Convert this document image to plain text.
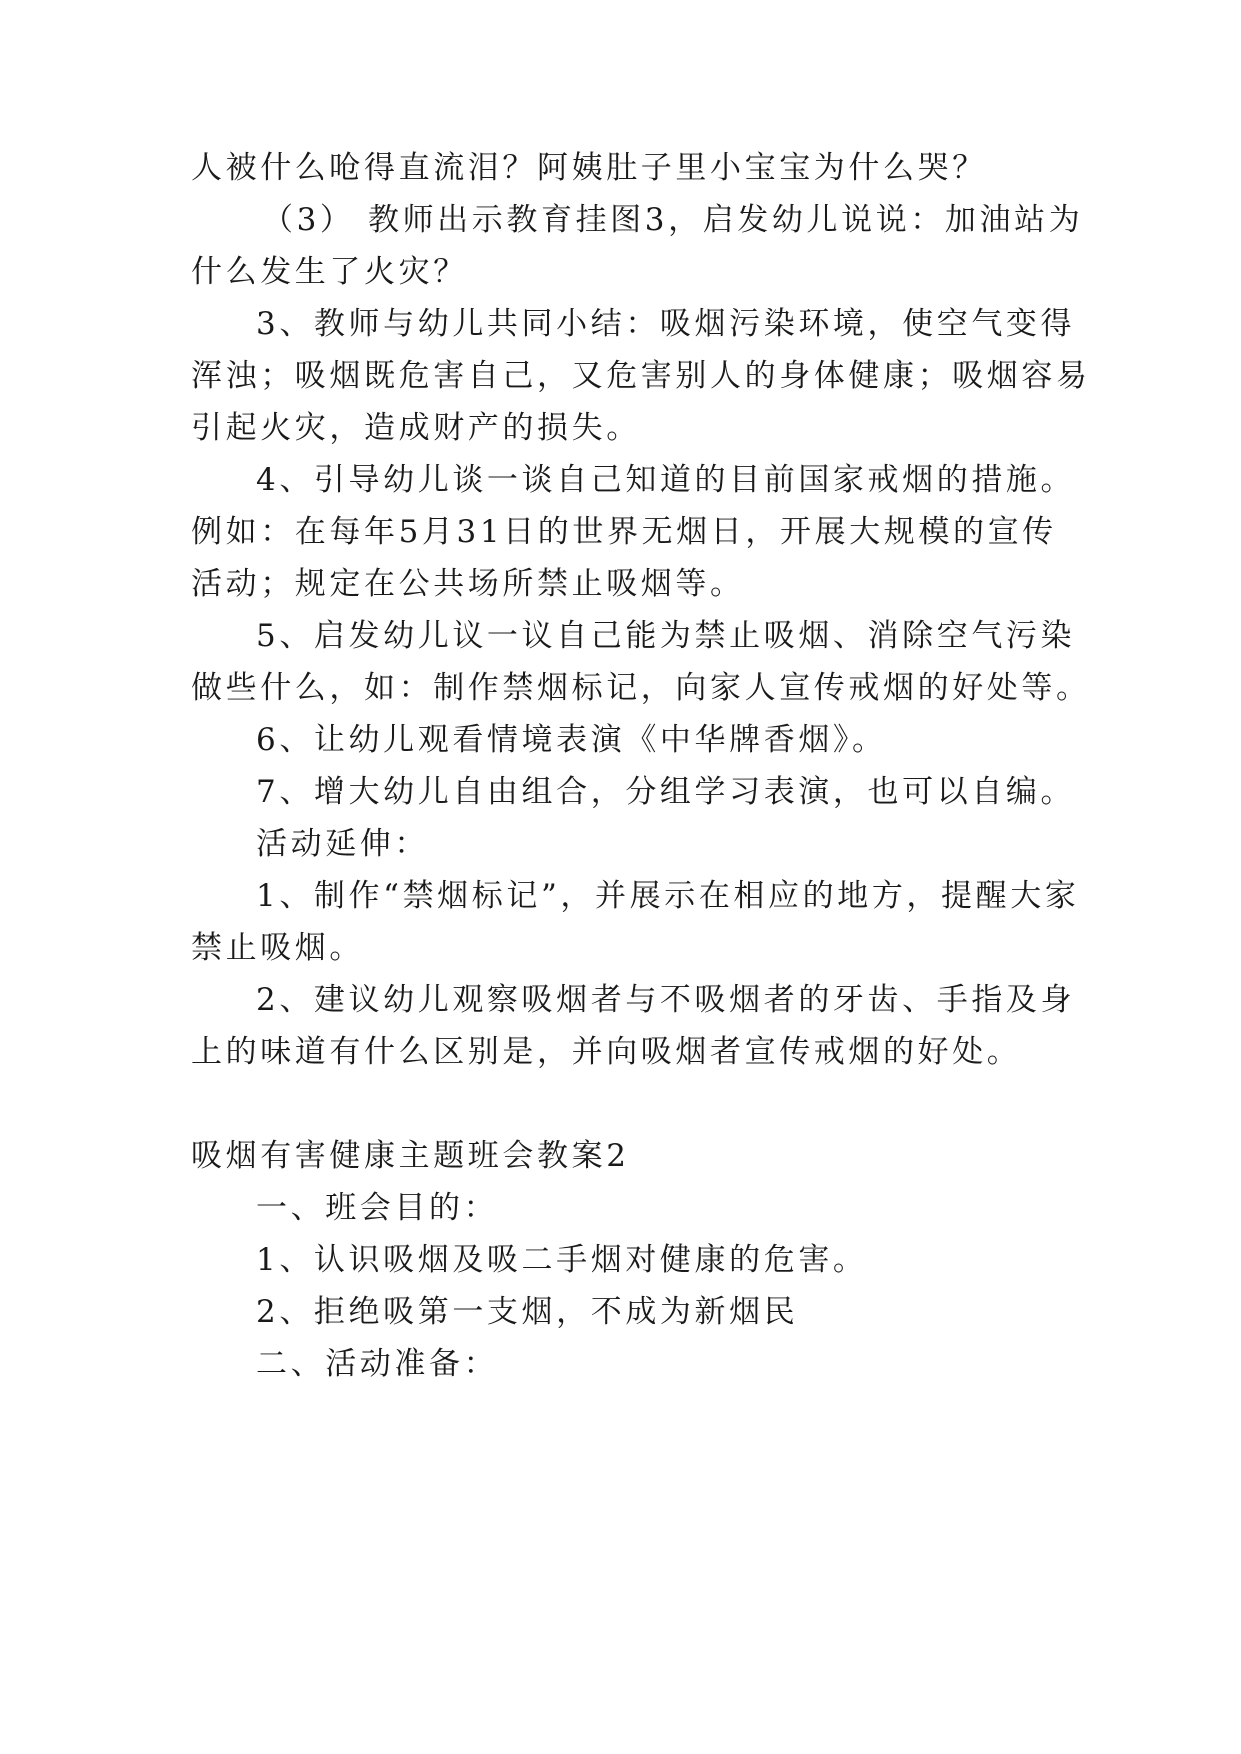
人被什么呛得直流泪？阿姨肚子里小宝宝为什么哭？
（3） 教师出示教育挂图3，启发幼儿说说：加油站为
什么发生了火灾？
3、教师与幼儿共同小结：吸烟污染环境，使空气变得
浑浊；吸烟既危害自己，又危害别人的身体健康；吸烟容易
引起火灾，造成财产的损失。
4、引导幼儿谈一谈自己知道的目前国家戒烟的措施。
例如：在每年5月31日的世界无烟日，开展大规模的宣传
活动；规定在公共场所禁止吸烟等。
5、启发幼儿议一议自己能为禁止吸烟、消除空气污染
做些什么，如：制作禁烟标记，向家人宣传戒烟的好处等。
6、让幼儿观看情境表演《中华牌香烟》。
7、增大幼儿自由组合，分组学习表演，也可以自编。
活动延伸：
1、制作“禁烟标记”，并展示在相应的地方，提醒大家
禁止吸烟。
2、建议幼儿观察吸烟者与不吸烟者的牙齿、手指及身
上的味道有什么区别是，并向吸烟者宣传戒烟的好处。
吸烟有害健康主题班会教案2
一、班会目的：
1、认识吸烟及吸二手烟对健康的危害。
2、拒绝吸第一支烟，不成为新烟民
二、活动准备：
